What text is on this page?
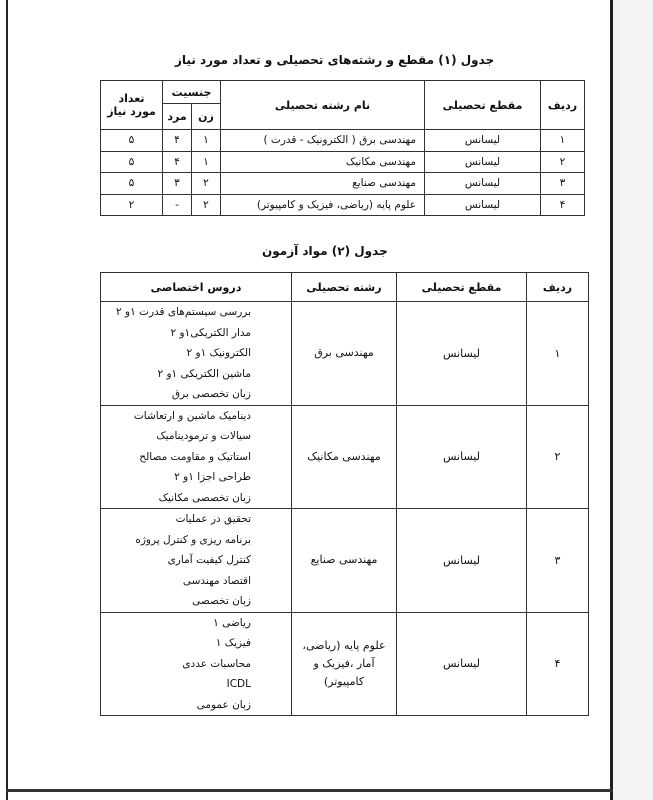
جدول (۱) مقطع و رشته‌های تحصیلی و تعداد مورد نیاز
ردیف	مقطع تحصیلی	نام رشته تحصیلی	جنسیت		تعداد
مورد نیاز

			زن	مرد	
۱	لیسانس	مهندسی برق ( الکترونیک - قدرت )	۱	۴	۵
۲	لیسانس	مهندسی مکانیک	۱	۴	۵
۳	لیسانس	مهندسی صنایع	۲	۳	۵
۴	لیسانس	علوم پایه (ریاضی، فیزیک و کامپیوتر)	۲	-	۲
جدول (۲) مواد آزمون
ردیف	مقطع تحصیلی	رشته تحصیلی	دروس اختصاصی
۱	لیسانس	مهندسی برق	بررسی سیستم‌های قدرت ۱و ۲
			مدار الکتریکی۱و ۲
			الکترونیک ۱و ۲
			ماشین الکتریکی ۱و ۲
			زبان تخصصی برق
۲	لیسانس	مهندسی مکانیک	دینامیک ماشین و ارتعاشات
			سیالات و ترمودینامیک
			استاتیک و مقاومت مصالح
			طراحی اجزا ۱و ۲
			زبان تخصصی مکانیک
۳	لیسانس	مهندسی صنایع	تحقیق در عملیات
			برنامه ریزی و کنترل پروژه
			کنترل کیفیت آماری
			اقتصاد مهندسی
			زبان تخصصی
۴	لیسانس	علوم پایه (ریاضی،
آمار ،فیزیک و
کامپیوتر)	ریاضی ۱
			فیزیک ۱
			محاسبات عددی
			ICDL
			زبان عمومی
